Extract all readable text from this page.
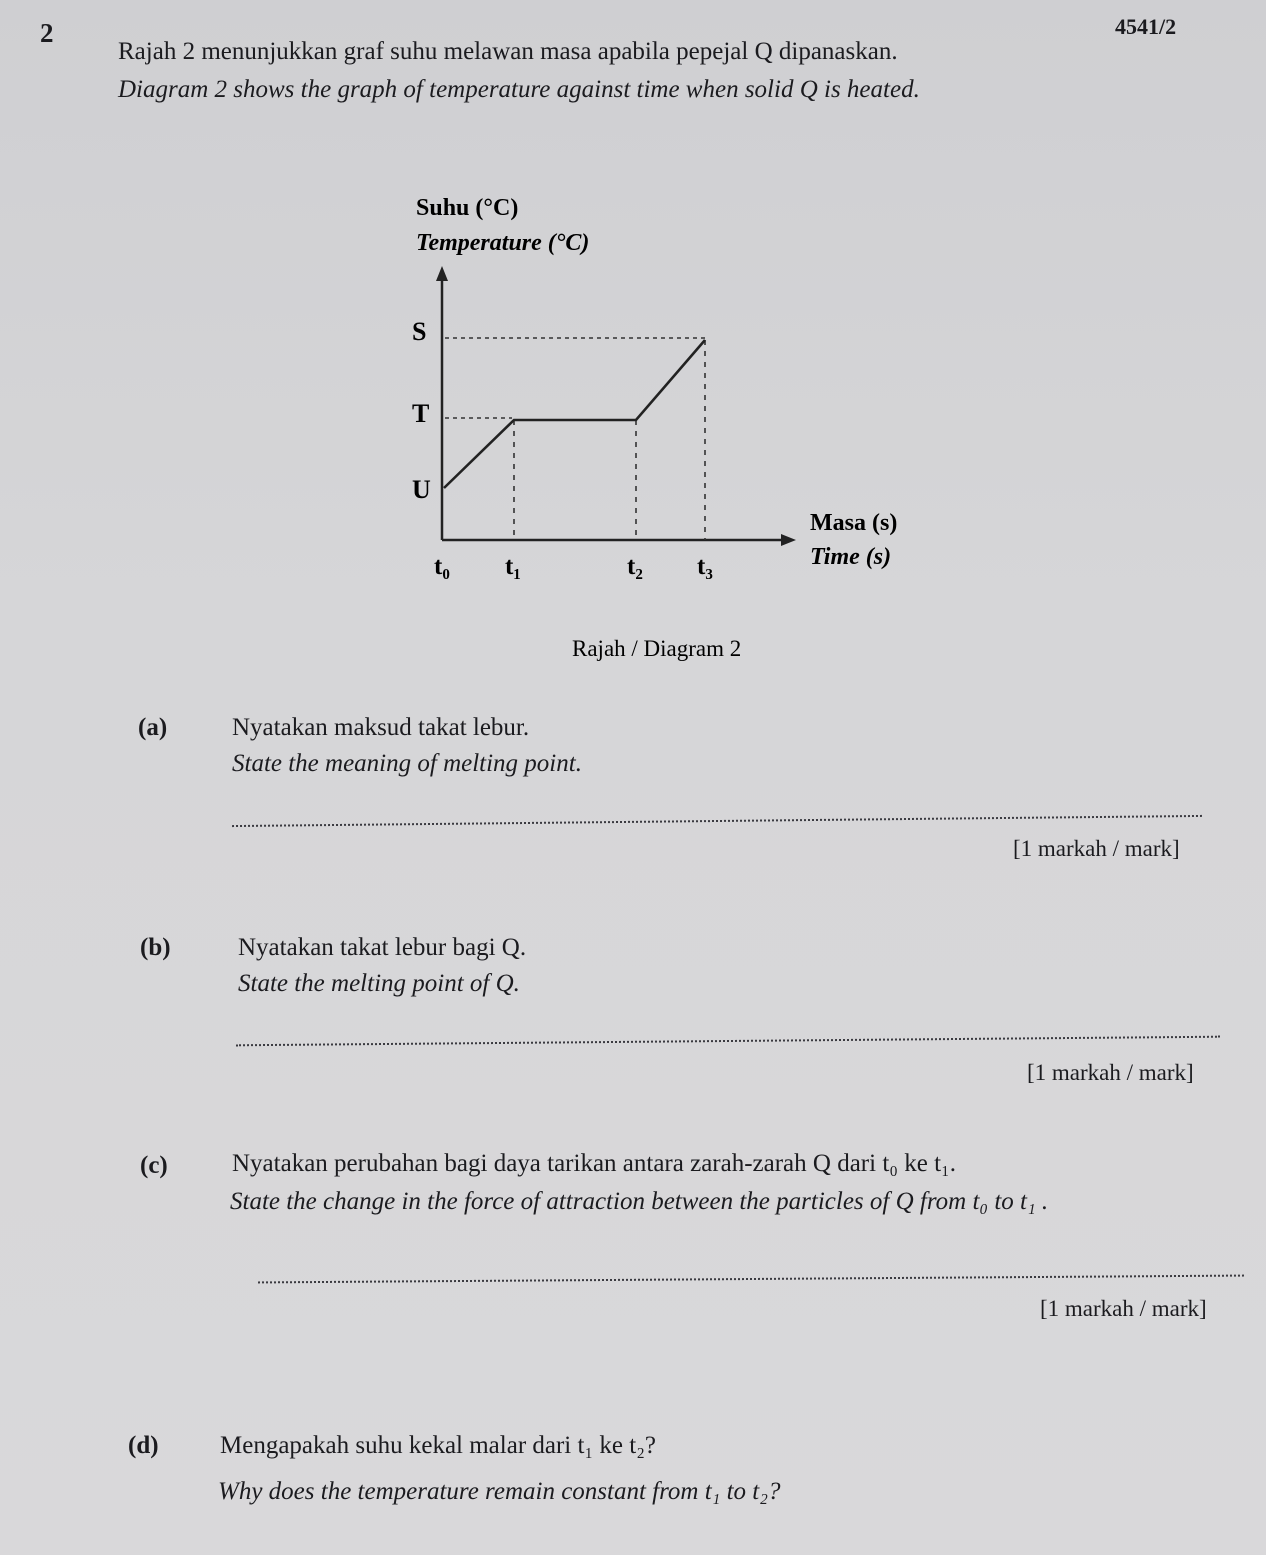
2	4541/2
Rajah 2 menunjukkan graf suhu melawan masa apabila pepejal Q dipanaskan.
Diagram 2 shows the graph of temperature against time when solid Q is heated.
Suhu (°C)
Temperature (°C)
S
T
U
t₀ t₁	t₂ t₃
Masa (s)
Time (s)
Rajah / Diagram 2
(a)	Nyatakan maksud takat lebur.
State the meaning of melting point.
[1 markah / mark]
(b)	Nyatakan takat lebur bagi Q.
State the melting point of Q.
[1 markah / mark]
(c)	Nyatakan perubahan bagi daya tarikan antara zarah-zarah Q dari t₀ ke t₁.
State the change in the force of attraction between the particles of Q from t₀ to t₁ .
[1 markah / mark]
(d) Mengapakah suhu kekal malar dari t₁ ke t₂?
Why does the temperature remain constant from t₁ to t₂?
